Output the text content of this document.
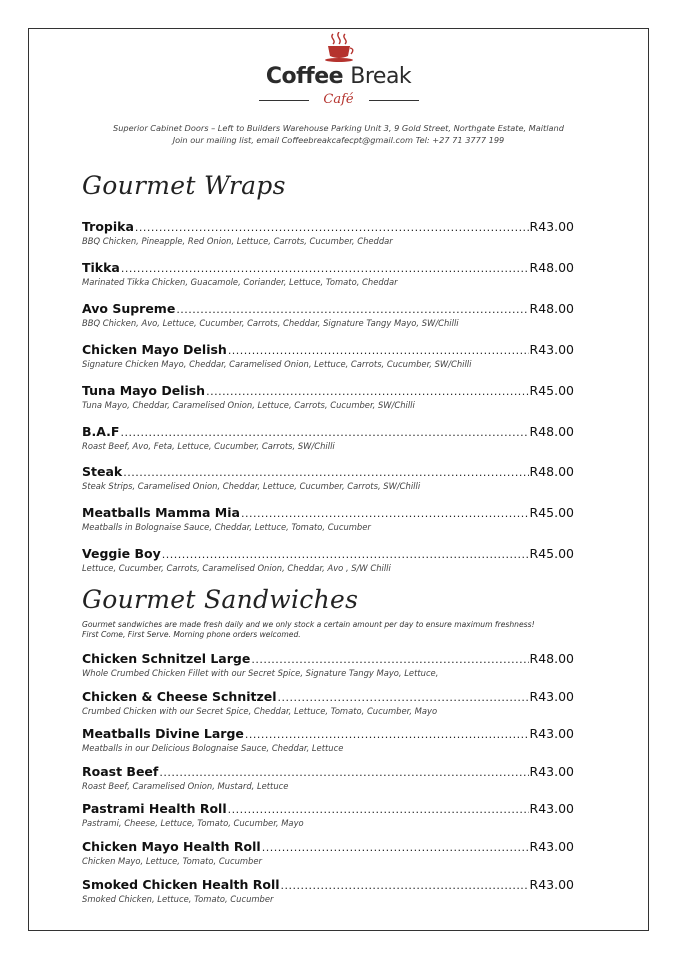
Coffee Break
Café
Superior Cabinet Doors – Left to Builders Warehouse Parking Unit 3, 9 Gold Street, Northgate Estate, Maitland
Join our mailing list, email Coffeebreakcafecpt@gmail.com Tel: +27 71 3777 199
Gourmet Wraps
Tropika .....	R43.00
BBQ Chicken, Pineapple, Red Onion, Lettuce, Carrots, Cucumber, Cheddar
Tikka .....	R48.00
Marinated Tikka Chicken, Guacamole, Coriander, Lettuce, Tomato, Cheddar
Avo Supreme .....	R48.00
BBQ Chicken, Avo, Lettuce, Cucumber, Carrots, Cheddar, Signature Tangy Mayo, SW/Chilli
Chicken Mayo Delish .....	R43.00
Signature Chicken Mayo, Cheddar, Caramelised Onion, Lettuce, Carrots, Cucumber, SW/Chilli
Tuna Mayo Delish .....	R45.00
Tuna Mayo, Cheddar, Caramelised Onion, Lettuce, Carrots, Cucumber, SW/Chilli
B.A.F .....	R48.00
Roast Beef, Avo, Feta, Lettuce, Cucumber, Carrots, SW/Chilli
Steak .....	R48.00
Steak Strips, Caramelised Onion, Cheddar, Lettuce, Cucumber, Carrots, SW/Chilli
Meatballs Mamma Mia .....	R45.00
Meatballs in Bolognaise Sauce, Cheddar, Lettuce, Tomato, Cucumber
Veggie Boy .....	R45.00
Lettuce, Cucumber, Carrots, Caramelised Onion, Cheddar, Avo , S/W Chilli
Gourmet Sandwiches
Gourmet sandwiches are made fresh daily and we only stock a certain amount per day to ensure maximum freshness!
First Come, First Serve. Morning phone orders welcomed.
Chicken Schnitzel Large .....	R48.00
Whole Crumbed Chicken Fillet with our Secret Spice, Signature Tangy Mayo, Lettuce,
Chicken & Cheese Schnitzel .....	R43.00
Crumbed Chicken with our Secret Spice, Cheddar, Lettuce, Tomato, Cucumber, Mayo
Meatballs Divine Large .....	R43.00
Meatballs in our Delicious Bolognaise Sauce, Cheddar, Lettuce
Roast Beef .....	R43.00
Roast Beef, Caramelised Onion, Mustard, Lettuce
Pastrami Health Roll .....	R43.00
Pastrami, Cheese, Lettuce, Tomato, Cucumber, Mayo
Chicken Mayo Health Roll .....	R43.00
Chicken Mayo, Lettuce, Tomato, Cucumber
Smoked Chicken Health Roll .....	R43.00
Smoked Chicken, Lettuce, Tomato, Cucumber
